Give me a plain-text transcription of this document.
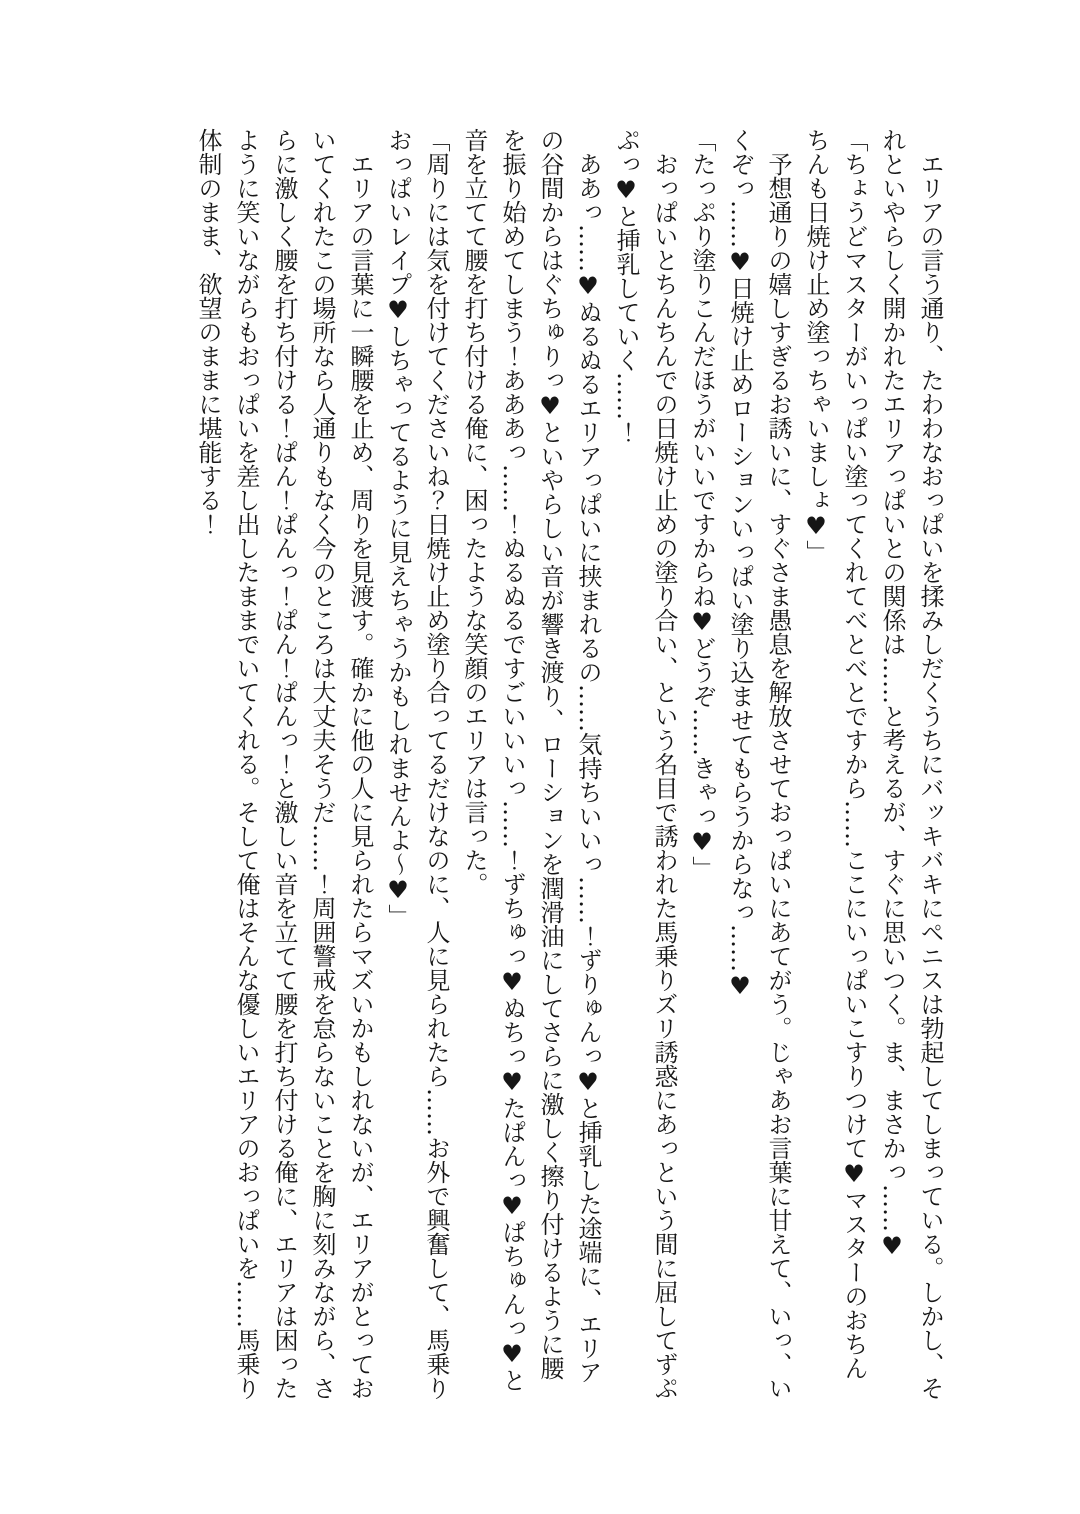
エリアの言う通り、たわわなおっぱいを揉みしだくうちにバッキバキにペニスは勃起してしまっている。しかし、それといやらしく開かれたエリアっぱいとの関係は……と考えるが、すぐに思いつく。ま、まさかっ……♥

「ちょうどマスターがいっぱい塗ってくれてべとべとですから……ここにいっぱいこすりつけて♥マスターのおちんちんも日焼け止め塗っちゃいましょ♥」

予想通りの嬉しすぎるお誘いに、すぐさま愚息を解放させておっぱいにあてがう。じゃあお言葉に甘えて、いっ、いくぞっ……♥日焼け止めローションいっぱい塗り込ませてもらうからなっ……♥

「たっぷり塗りこんだほうがいいですからね♥どうぞ……きゃっ♥」

おっぱいとちんちんでの日焼け止めの塗り合い、という名目で誘われた馬乗りズリ誘惑にあっという間に屈してずぷぷっ♥と挿乳していく……！

ああっ……♥ぬるぬるエリアっぱいに挟まれるの……気持ちいいっ……！ずりゅんっ♥と挿乳した途端に、エリアの谷間からはぐちゅりっ♥といやらしい音が響き渡り、ローションを潤滑油にしてさらに激しく擦り付けるように腰を振り始めてしまう！あああっ……！ぬるぬるですごいいいっ……！ずちゅっ♥ぬちっ♥たぱんっ♥ぱちゅんっ♥と音を立てて腰を打ち付ける俺に、困ったような笑顔のエリアは言った。

「周りには気を付けてくださいね？日焼け止め塗り合ってるだけなのに、人に見られたら……お外で興奮して、馬乗りおっぱいレイプ♥しちゃってるように見えちゃうかもしれませんよ〜♥」

エリアの言葉に一瞬腰を止め、周りを見渡す。確かに他の人に見られたらマズいかもしれないが、エリアがとっておいてくれたこの場所なら人通りもなく今のところは大丈夫そうだ……！周囲警戒を怠らないことを胸に刻みながら、さらに激しく腰を打ち付ける！ぱん！ぱんっ！ぱん！ぱんっ！と激しい音を立てて腰を打ち付ける俺に、エリアは困ったように笑いながらもおっぱいを差し出したままでいてくれる。そして俺はそんな優しいエリアのおっぱいを……馬乗り体制のまま、欲望のままに堪能する！
